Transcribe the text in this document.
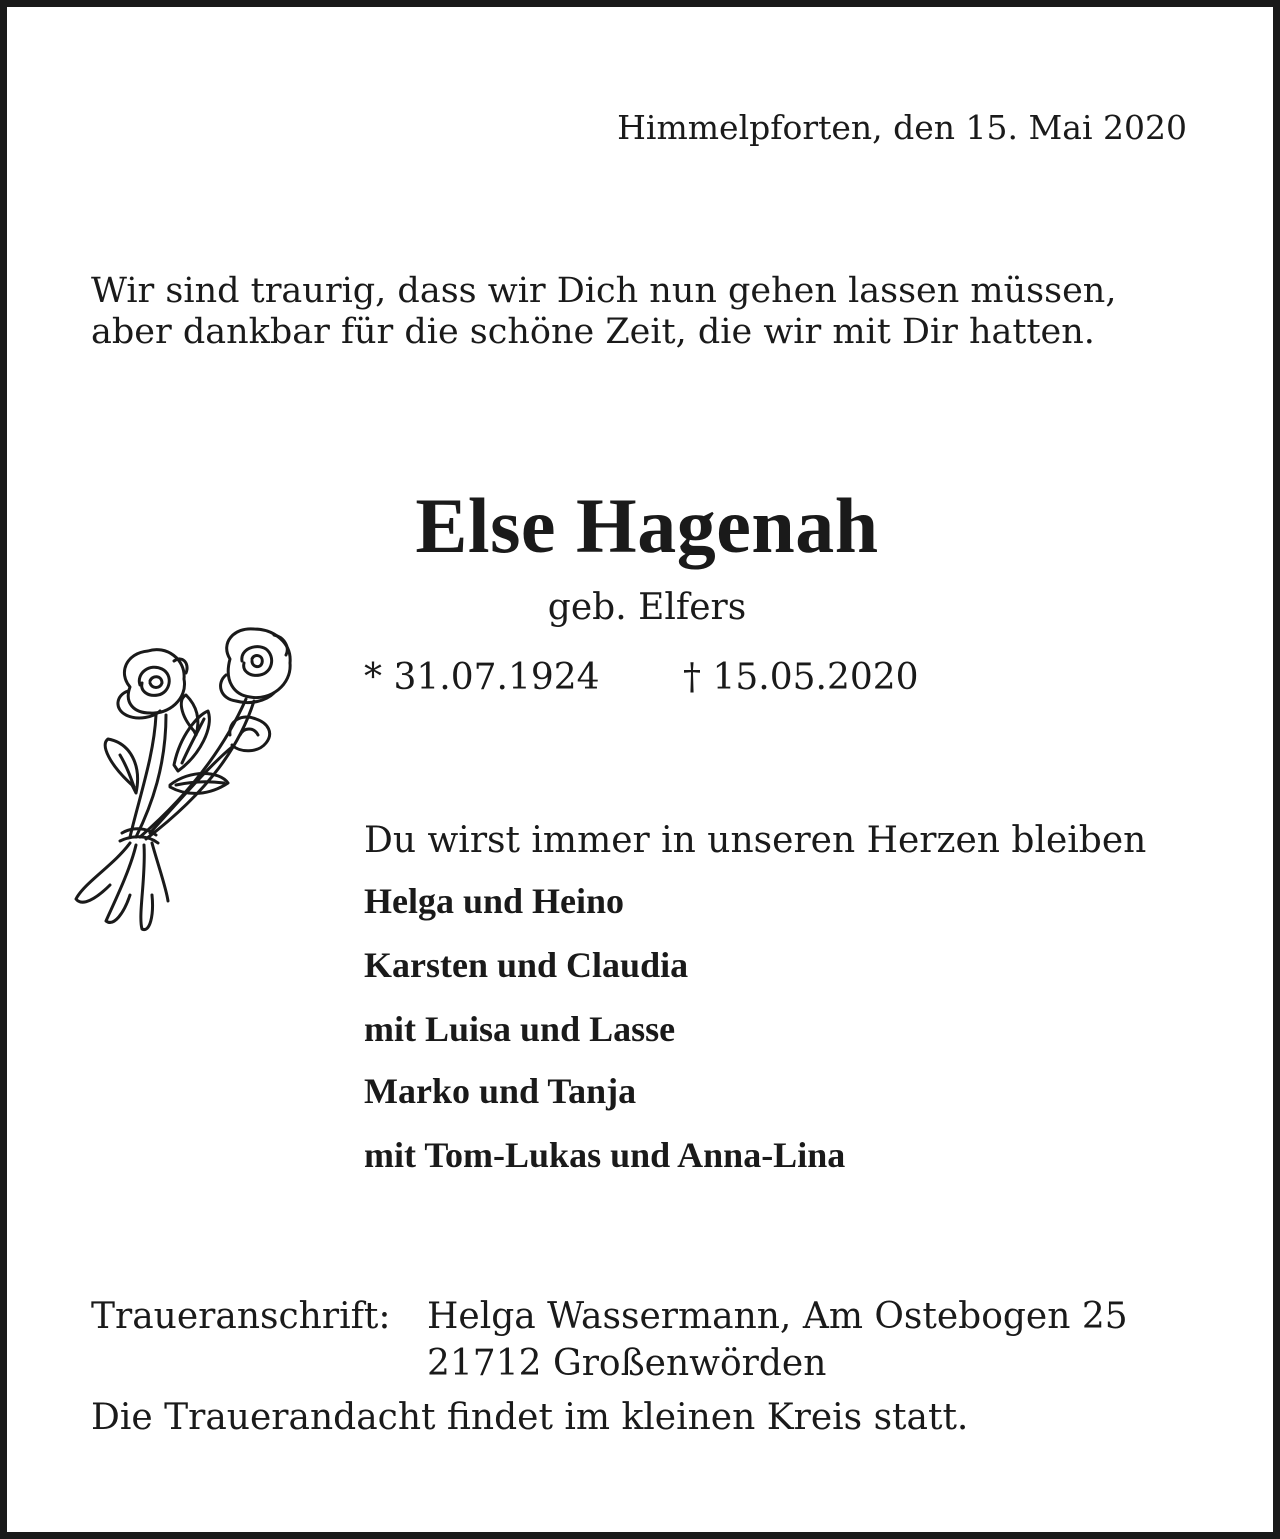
Himmelpforten, den 15. Mai 2020
Wir sind traurig, dass wir Dich nun gehen lassen müssen,
aber dankbar für die schöne Zeit, die wir mit Dir hatten.
Else Hagenah
geb. Elfers
* 31.07.1924 † 15.05.2020
Du wirst immer in unseren Herzen bleiben
Helga und Heino
Karsten und Claudia
mit Luisa und Lasse
Marko und Tanja
mit Tom-Lukas und Anna-Lina
Traueranschrift: Helga Wassermann, Am Ostebogen 25
21712 Großenwörden
Die Trauerandacht findet im kleinen Kreis statt.
